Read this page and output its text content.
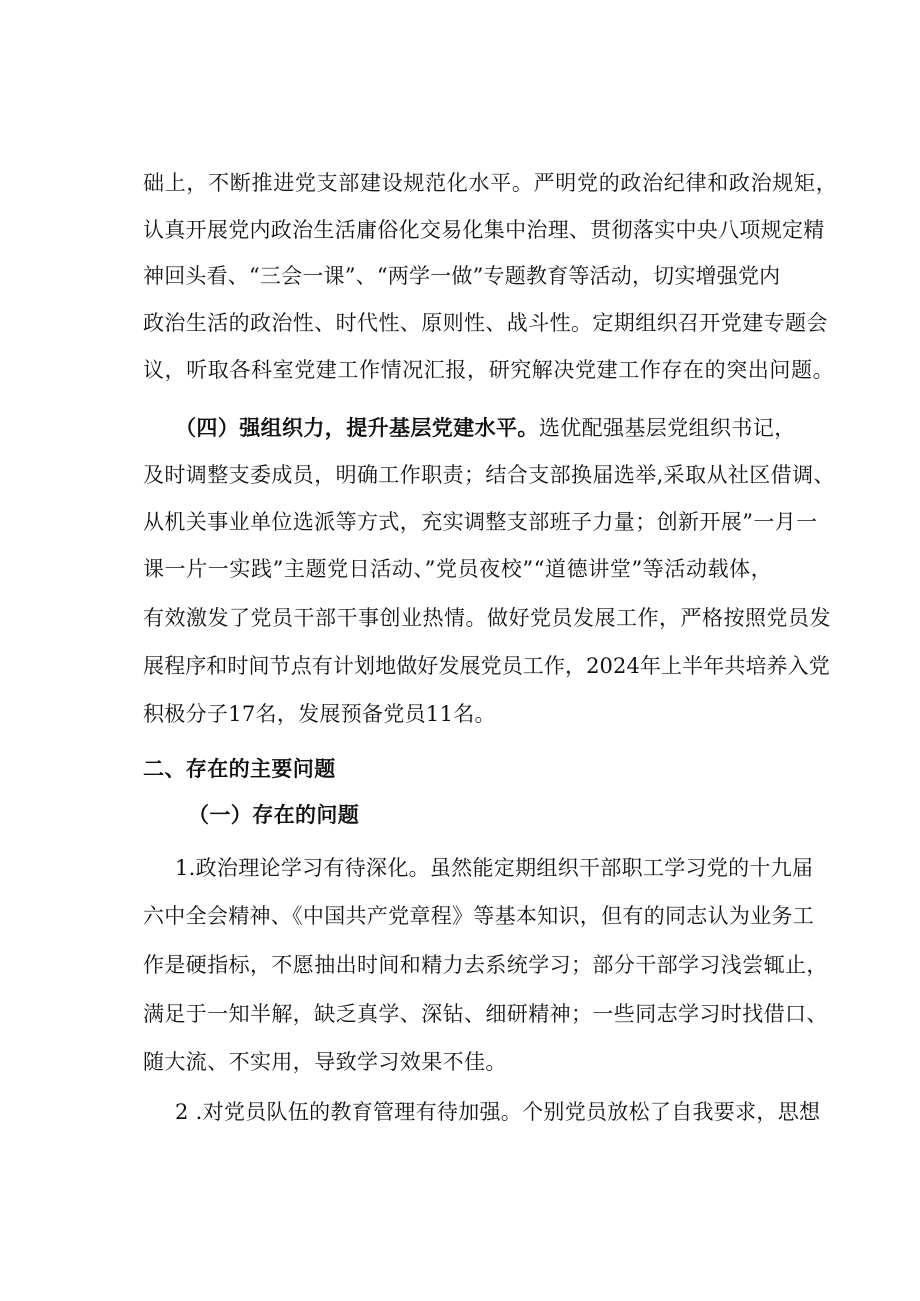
础上，不断推进党支部建设规范化水平。严明党的政治纪律和政治规矩，
认真开展党内政治生活庸俗化交易化集中治理、贯彻落实中央八项规定精
神回头看、“三会一课”、“两学一做”专题教育等活动，切实增强党内
政治生活的政治性、时代性、原则性、战斗性。定期组织召开党建专题会
议，听取各科室党建工作情况汇报，研究解决党建工作存在的突出问题。
（四）强组织力，提升基层党建水平。选优配强基层党组织书记，
及时调整支委成员，明确工作职责；结合支部换届选举,采取从社区借调、
从机关事业单位选派等方式，充实调整支部班子力量；创新开展”一月一
课一片一实践”主题党日活动、”党员夜校”“道德讲堂”等活动载体，
有效激发了党员干部干事创业热情。做好党员发展工作，严格按照党员发
展程序和时间节点有计划地做好发展党员工作，2024年上半年共培养入党
积极分子17名，发展预备党员11名。
二、存在的主要问题
（一）存在的问题
1.政治理论学习有待深化。虽然能定期组织干部职工学习党的十九届
六中全会精神、《中国共产党章程》等基本知识，但有的同志认为业务工
作是硬指标，不愿抽出时间和精力去系统学习；部分干部学习浅尝辄止，
满足于一知半解，缺乏真学、深钻、细研精神；一些同志学习时找借口、
随大流、不实用，导致学习效果不佳。
2 .对党员队伍的教育管理有待加强。个别党员放松了自我要求，思想
